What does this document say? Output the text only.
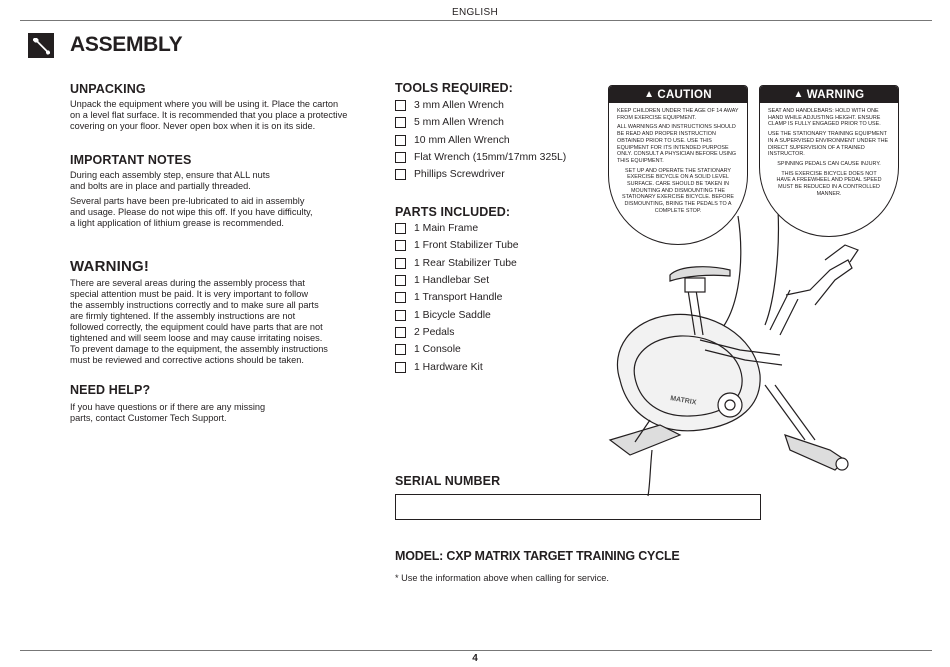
ENGLISH
ASSEMBLY
UNPACKING

Unpack the equipment where you will be using it. Place the carton
on a level flat surface. It is recommended that you place a protective
covering on your floor. Never open box when it is on its side.

IMPORTANT NOTES

During each assembly step, ensure that ALL nuts
and bolts are in place and partially threaded.

Several parts have been pre-lubricated to aid in assembly
and usage. Please do not wipe this off. If you have difficulty,
a light application of lithium grease is recommended.

WARNING!

There are several areas during the assembly process that
special attention must be paid. It is very important to follow
the assembly instructions correctly and to make sure all parts
are firmly tightened. If the assembly instructions are not
followed correctly, the equipment could have parts that are not
tightened and will seem loose and may cause irritating noises.
To prevent damage to the equipment, the assembly instructions
must be reviewed and corrective actions should be taken.

NEED HELP?

If you have questions or if there are any missing
parts, contact Customer Tech Support.

TOOLS REQUIRED:
3 mm Allen Wrench
5 mm Allen Wrench
10 mm Allen Wrench
Flat Wrench (15mm/17mm 325L)
Phillips Screwdriver
PARTS INCLUDED:
1 Main Frame
1 Front Stabilizer Tube
1 Rear Stabilizer Tube
1 Handlebar Set
1 Transport Handle
1 Bicycle Saddle
2 Pedals
1 Console
1 Hardware Kit
MATRIX
▲ CAUTION

KEEP CHILDREN UNDER THE AGE OF 14 AWAY FROM EXERCISE EQUIPMENT.

ALL WARNINGS AND INSTRUCTIONS SHOULD BE READ AND PROPER INSTRUCTION OBTAINED PRIOR TO USE. USE THIS EQUIPMENT FOR ITS INTENDED PURPOSE ONLY. CONSULT A PHYSICIAN BEFORE USING THIS EQUIPMENT.

SET UP AND OPERATE THE STATIONARY EXERCISE BICYCLE ON A SOLID LEVEL SURFACE. CARE SHOULD BE TAKEN IN MOUNTING AND DISMOUNTING THE STATIONARY EXERCISE BICYCLE. BEFORE DISMOUNTING, BRING THE PEDALS TO A COMPLETE STOP.

▲ WARNING

SEAT AND HANDLEBARS: HOLD WITH ONE HAND WHILE ADJUSTING HEIGHT. ENSURE CLAMP IS FULLY ENGAGED PRIOR TO USE.

USE THE STATIONARY TRAINING EQUIPMENT IN A SUPERVISED ENVIRONMENT UNDER THE DIRECT SUPERVISION OF A TRAINED INSTRUCTOR.

SPINNING PEDALS CAN CAUSE INJURY.

THIS EXERCISE BICYCLE DOES NOT HAVE A FREEWHEEL AND PEDAL SPEED MUST BE REDUCED IN A CONTROLLED MANNER.

SERIAL NUMBER
MODEL: CXP MATRIX TARGET TRAINING CYCLE
* Use the information above when calling for service.
4
